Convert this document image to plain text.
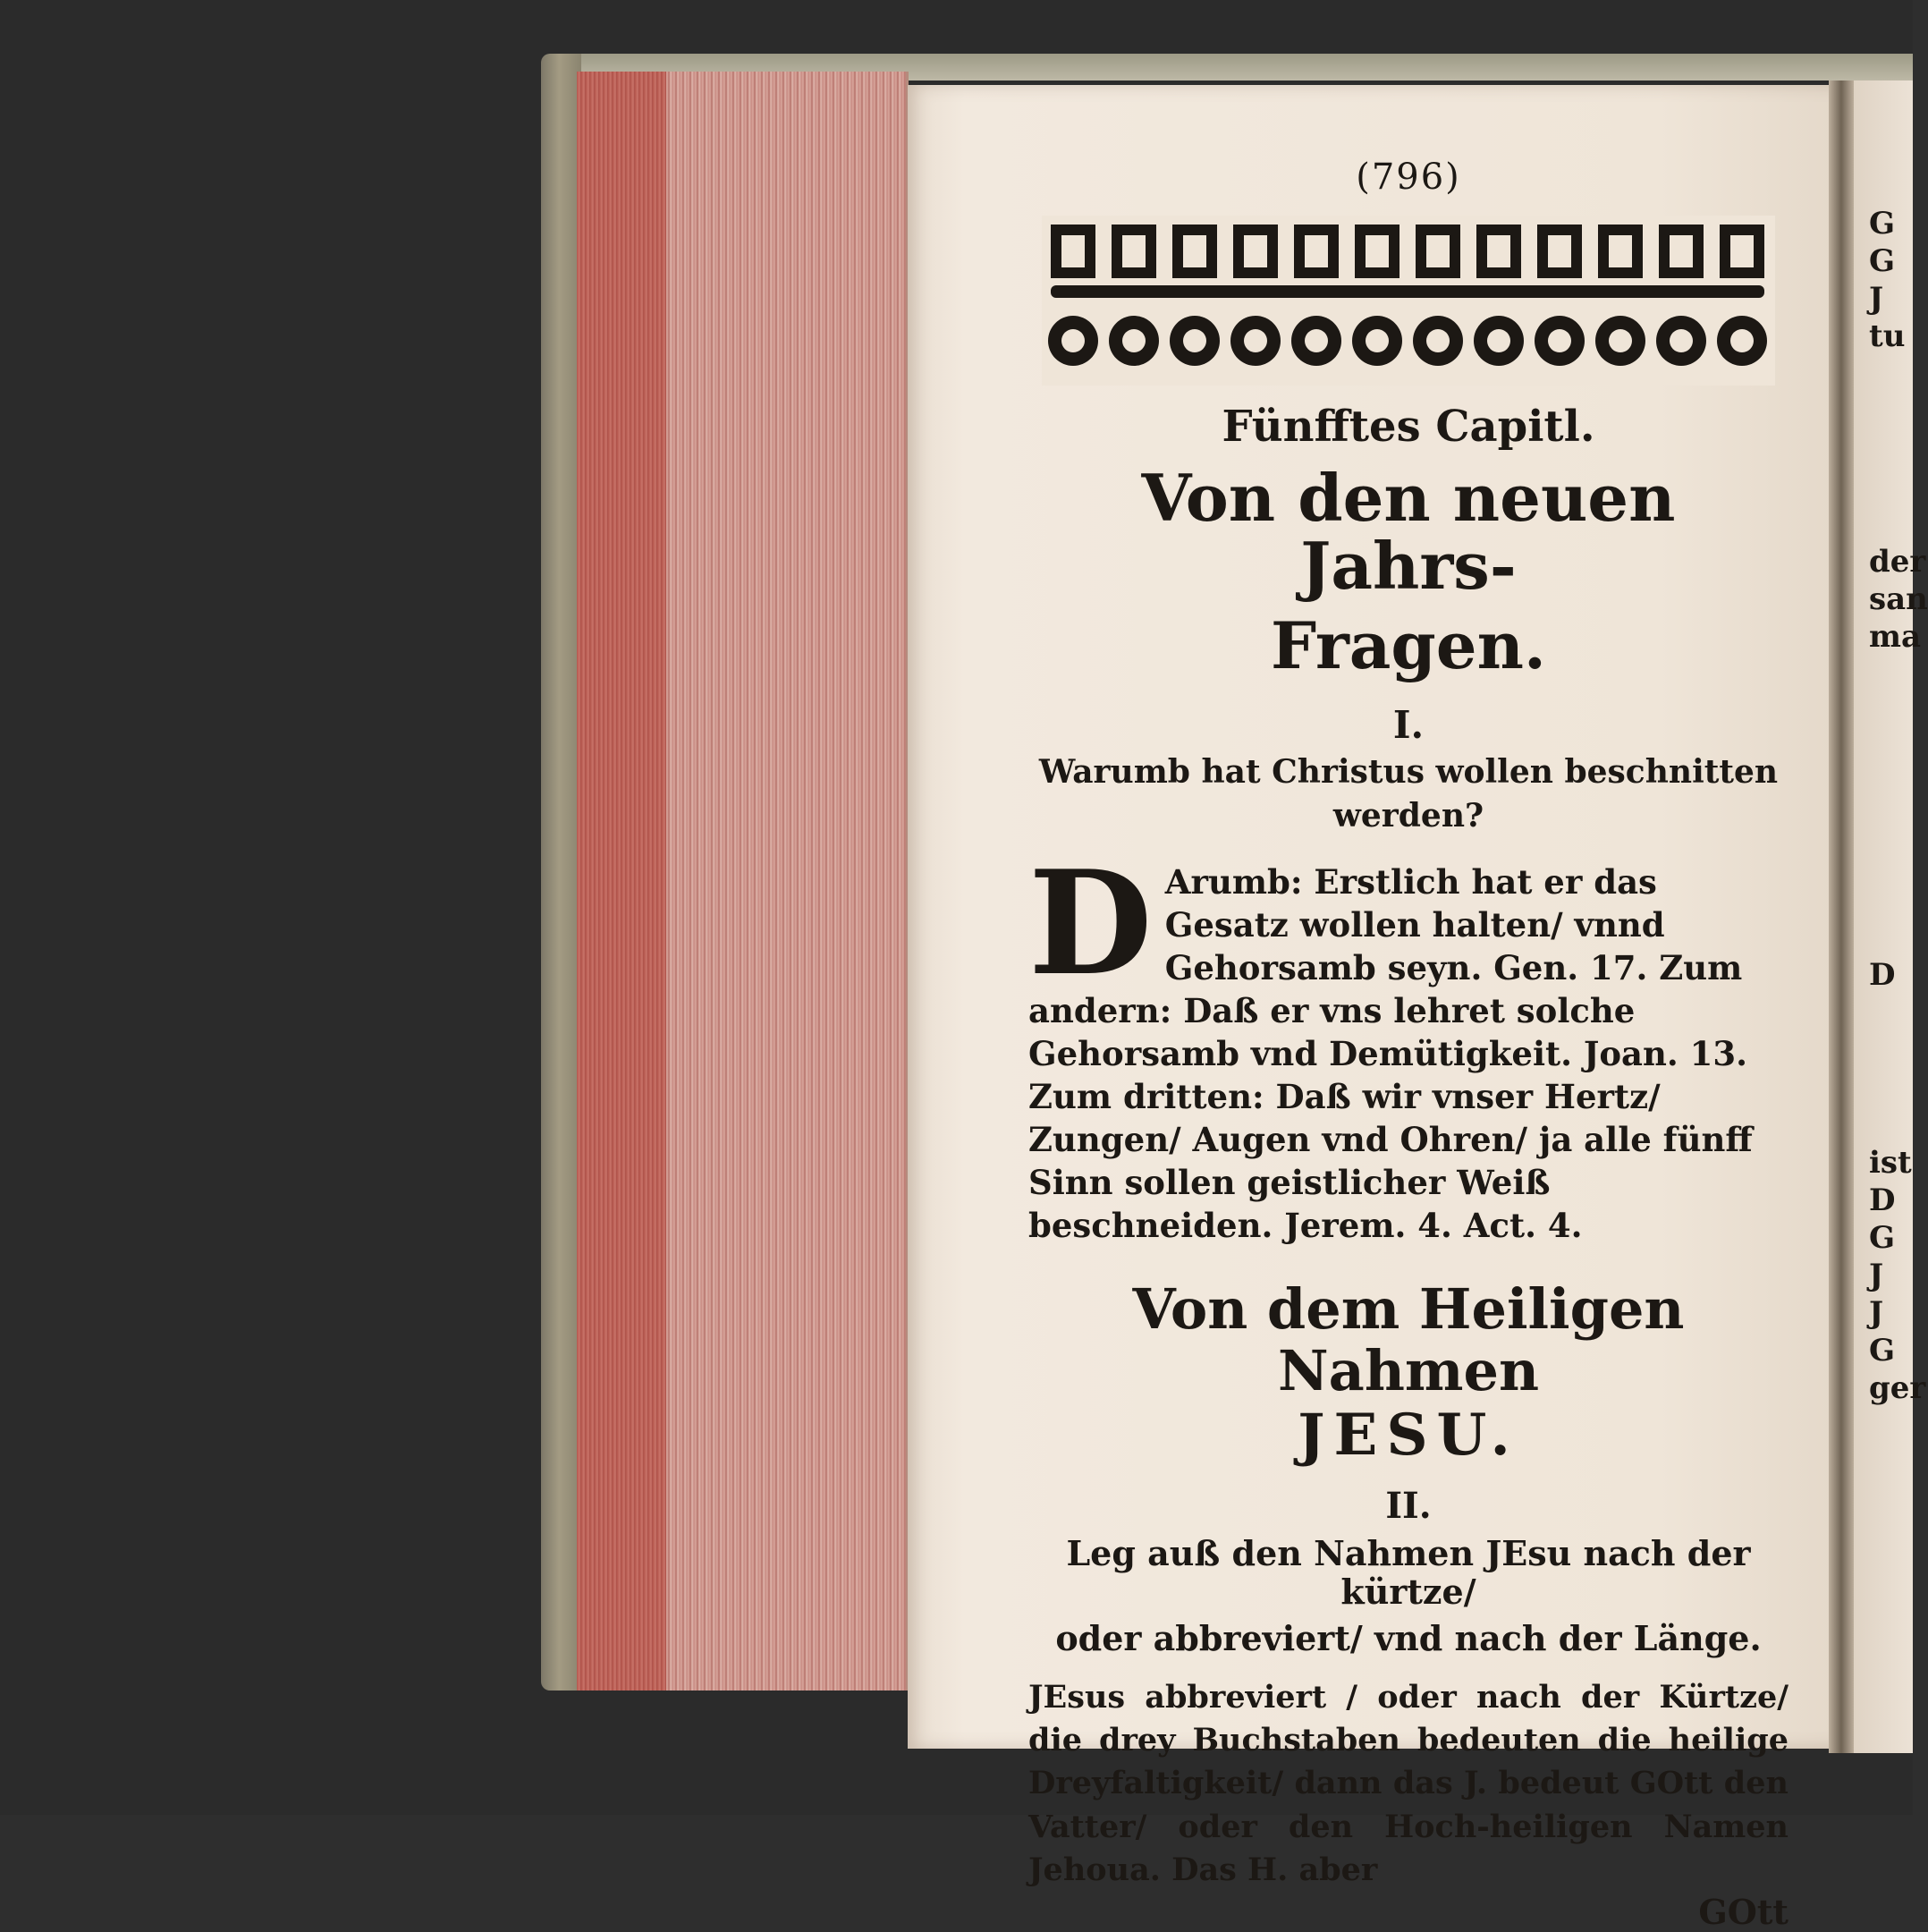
(796)
Fünfftes Capitl.
Von den neuen Jahrs-
Fragen.
I.
Warumb hat Christus wollen beschnitten
werden?
D Arumb: Erstlich hat er das Gesatz wollen halten/ vnnd Gehorsamb seyn. Gen. 17. Zum andern: Daß er vns lehret solche Gehorsamb vnd Demütigkeit. Joan. 13. Zum dritten: Daß wir vnser Hertz/ Zungen/ Augen vnd Ohren/ ja alle fünff Sinn sollen geistlicher Weiß beschneiden. Jerem. 4. Act. 4.
Von dem Heiligen Nahmen
JESU.
II.
Leg auß den Nahmen JEsu nach der kürtze/
oder abbreviert/ vnd nach der Länge.
JEsus abbreviert / oder nach der Kürtze/ die drey Buchstaben bedeuten die heilige Dreyfaltigkeit/ dann das J. bedeut GOtt den Vatter/ oder den Hoch-heiligen Namen Jehoua. Das H. aber
GOtt
G
G
J
tu
der
san
ma
D
ist
D
G
J
J
G
ger
